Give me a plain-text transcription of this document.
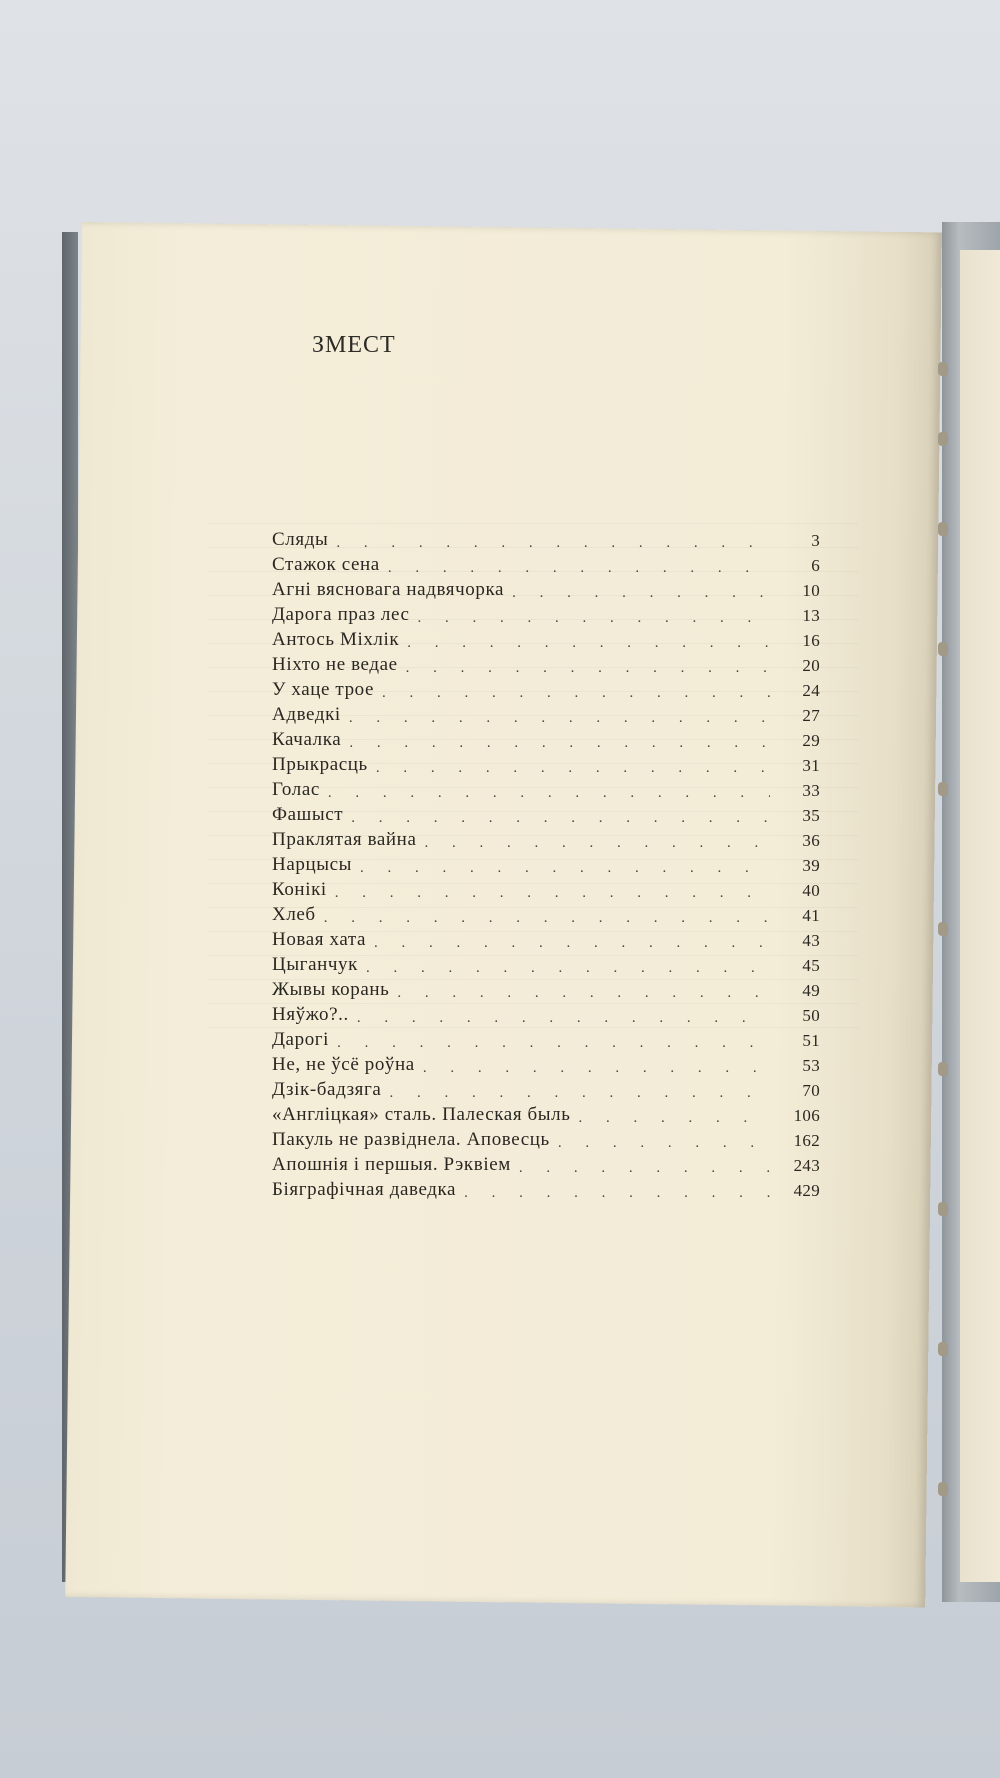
ЗМЕСТ
Сляды . . .	3
Стажок сена . . .	6
Агні вясновага надвячорка . . .	10
Дарога праз лес . . .	13
Антось Міхлік . . .	16
Ніхто не ведае . . .	20
У хаце трое . . .	24
Адведкі . . .	27
Качалка . . .	29
Прыкрасць . . .	31
Голас . . .	33
Фашыст . . .	35
Праклятая вайна . . .	36
Нарцысы . . .	39
Конікі . . .	40
Хлеб . . .	41
Новая хата . . .	43
Цыганчук . . .	45
Жывы корань . . .	49
Няўжо?.. . . .	50
Дарогі . . .	51
Не, не ўсё роўна . . .	53
Дзік-бадзяга . . .	70
«Англіцкая» сталь. Палеская быль . . .	106
Пакуль не развіднела. Аповесць . . .	162
Апошнія і першыя. Рэквіем . . .	243
Біяграфічная даведка . . .	429
